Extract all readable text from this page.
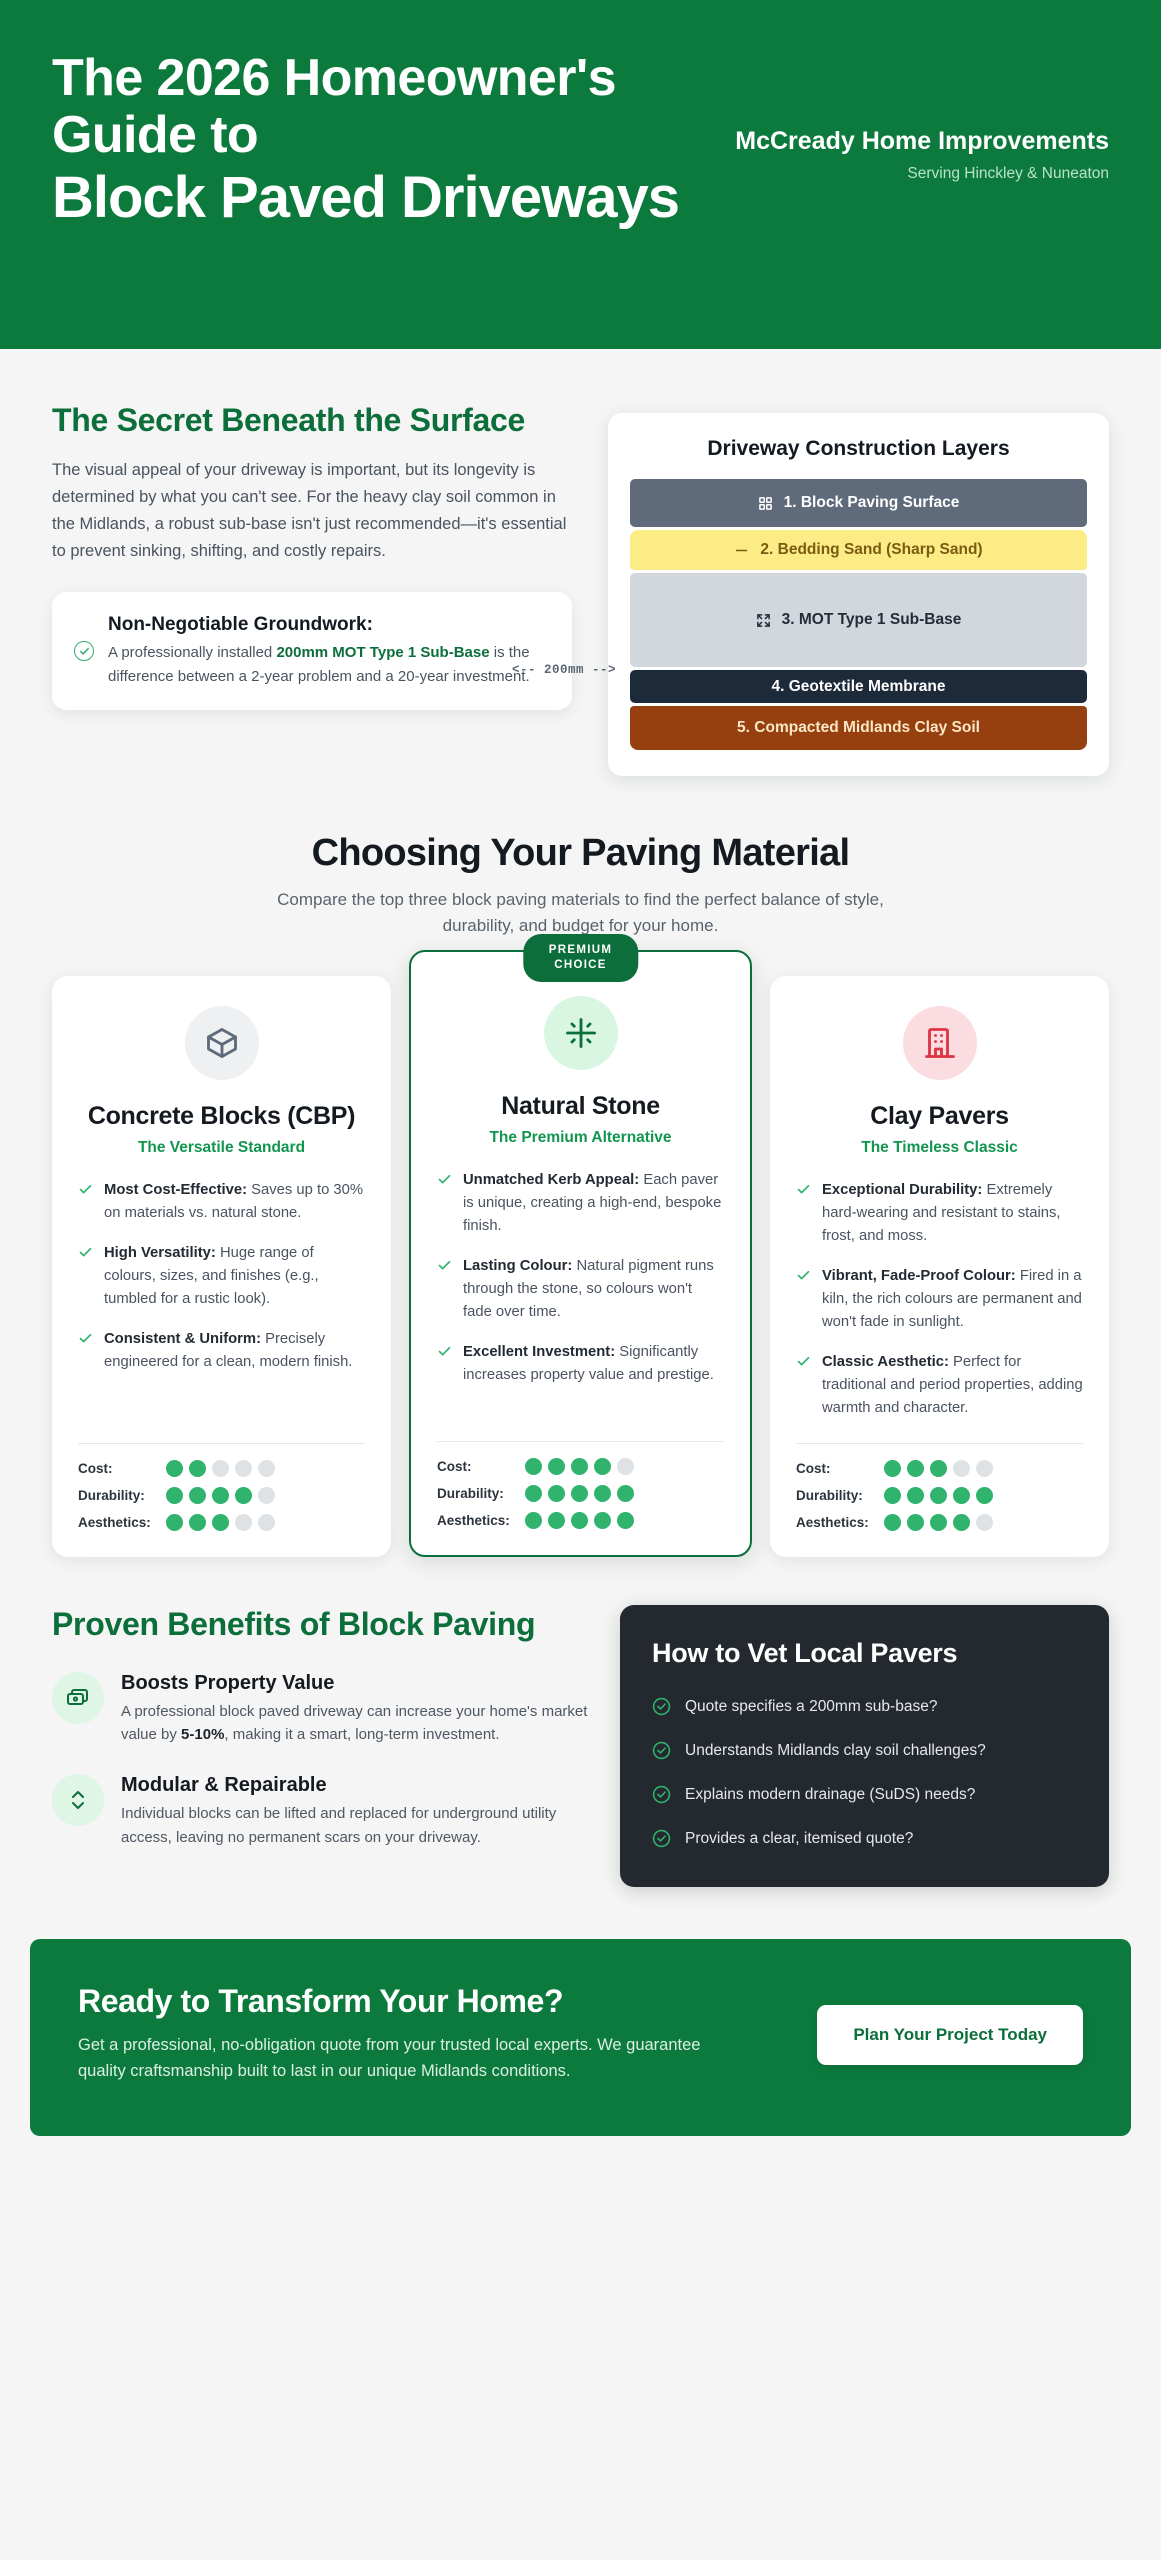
The 2026 Homeowner's Guide to
Block Paved Driveways
McCready Home Improvements
Serving Hinckley & Nuneaton
The Secret Beneath the Surface

The visual appeal of your driveway is important, but its longevity is determined by what you can't see. For the heavy clay soil common in the Midlands, a robust sub-base isn't just recommended—it's essential to prevent sinking, shifting, and costly repairs.

<-- 200mm -->
Non-Negotiable Groundwork:
A professionally installed 200mm MOT Type 1 Sub-Base is the difference between a 2-year problem and a 20-year investment.
Driveway Construction Layers
1. Block Paving Surface
2. Bedding Sand (Sharp Sand)
3. MOT Type 1 Sub-Base
4. Geotextile Membrane
5. Compacted Midlands Clay Soil
Choosing Your Paving Material

Compare the top three block paving materials to find the perfect balance of style, durability, and budget for your home.

Concrete Blocks (CBP)
The Versatile Standard
Most Cost-Effective: Saves up to 30% on materials vs. natural stone.
High Versatility: Huge range of colours, sizes, and finishes (e.g., tumbled for a rustic look).
Consistent & Uniform: Precisely engineered for a clean, modern finish.
Cost:
Durability:
Aesthetics:
PREMIUM
CHOICE
Natural Stone
The Premium Alternative
Unmatched Kerb Appeal: Each paver is unique, creating a high-end, bespoke finish.
Lasting Colour: Natural pigment runs through the stone, so colours won't fade over time.
Excellent Investment: Significantly increases property value and prestige.
Cost:
Durability:
Aesthetics:
Clay Pavers
The Timeless Classic
Exceptional Durability: Extremely hard-wearing and resistant to stains, frost, and moss.
Vibrant, Fade-Proof Colour: Fired in a kiln, the rich colours are permanent and won't fade in sunlight.
Classic Aesthetic: Perfect for traditional and period properties, adding warmth and character.
Cost:
Durability:
Aesthetics:
Proven Benefits of Block Paving
Boosts Property Value
A professional block paved driveway can increase your home's market value by 5-10%, making it a smart, long-term investment.
Modular & Repairable
Individual blocks can be lifted and replaced for underground utility access, leaving no permanent scars on your driveway.
How to Vet Local Pavers
Quote specifies a 200mm sub-base?
Understands Midlands clay soil challenges?
Explains modern drainage (SuDS) needs?
Provides a clear, itemised quote?
Ready to Transform Your Home?

Get a professional, no-obligation quote from your trusted local experts. We guarantee quality craftsmanship built to last in our unique Midlands conditions.

Plan Your Project Today
